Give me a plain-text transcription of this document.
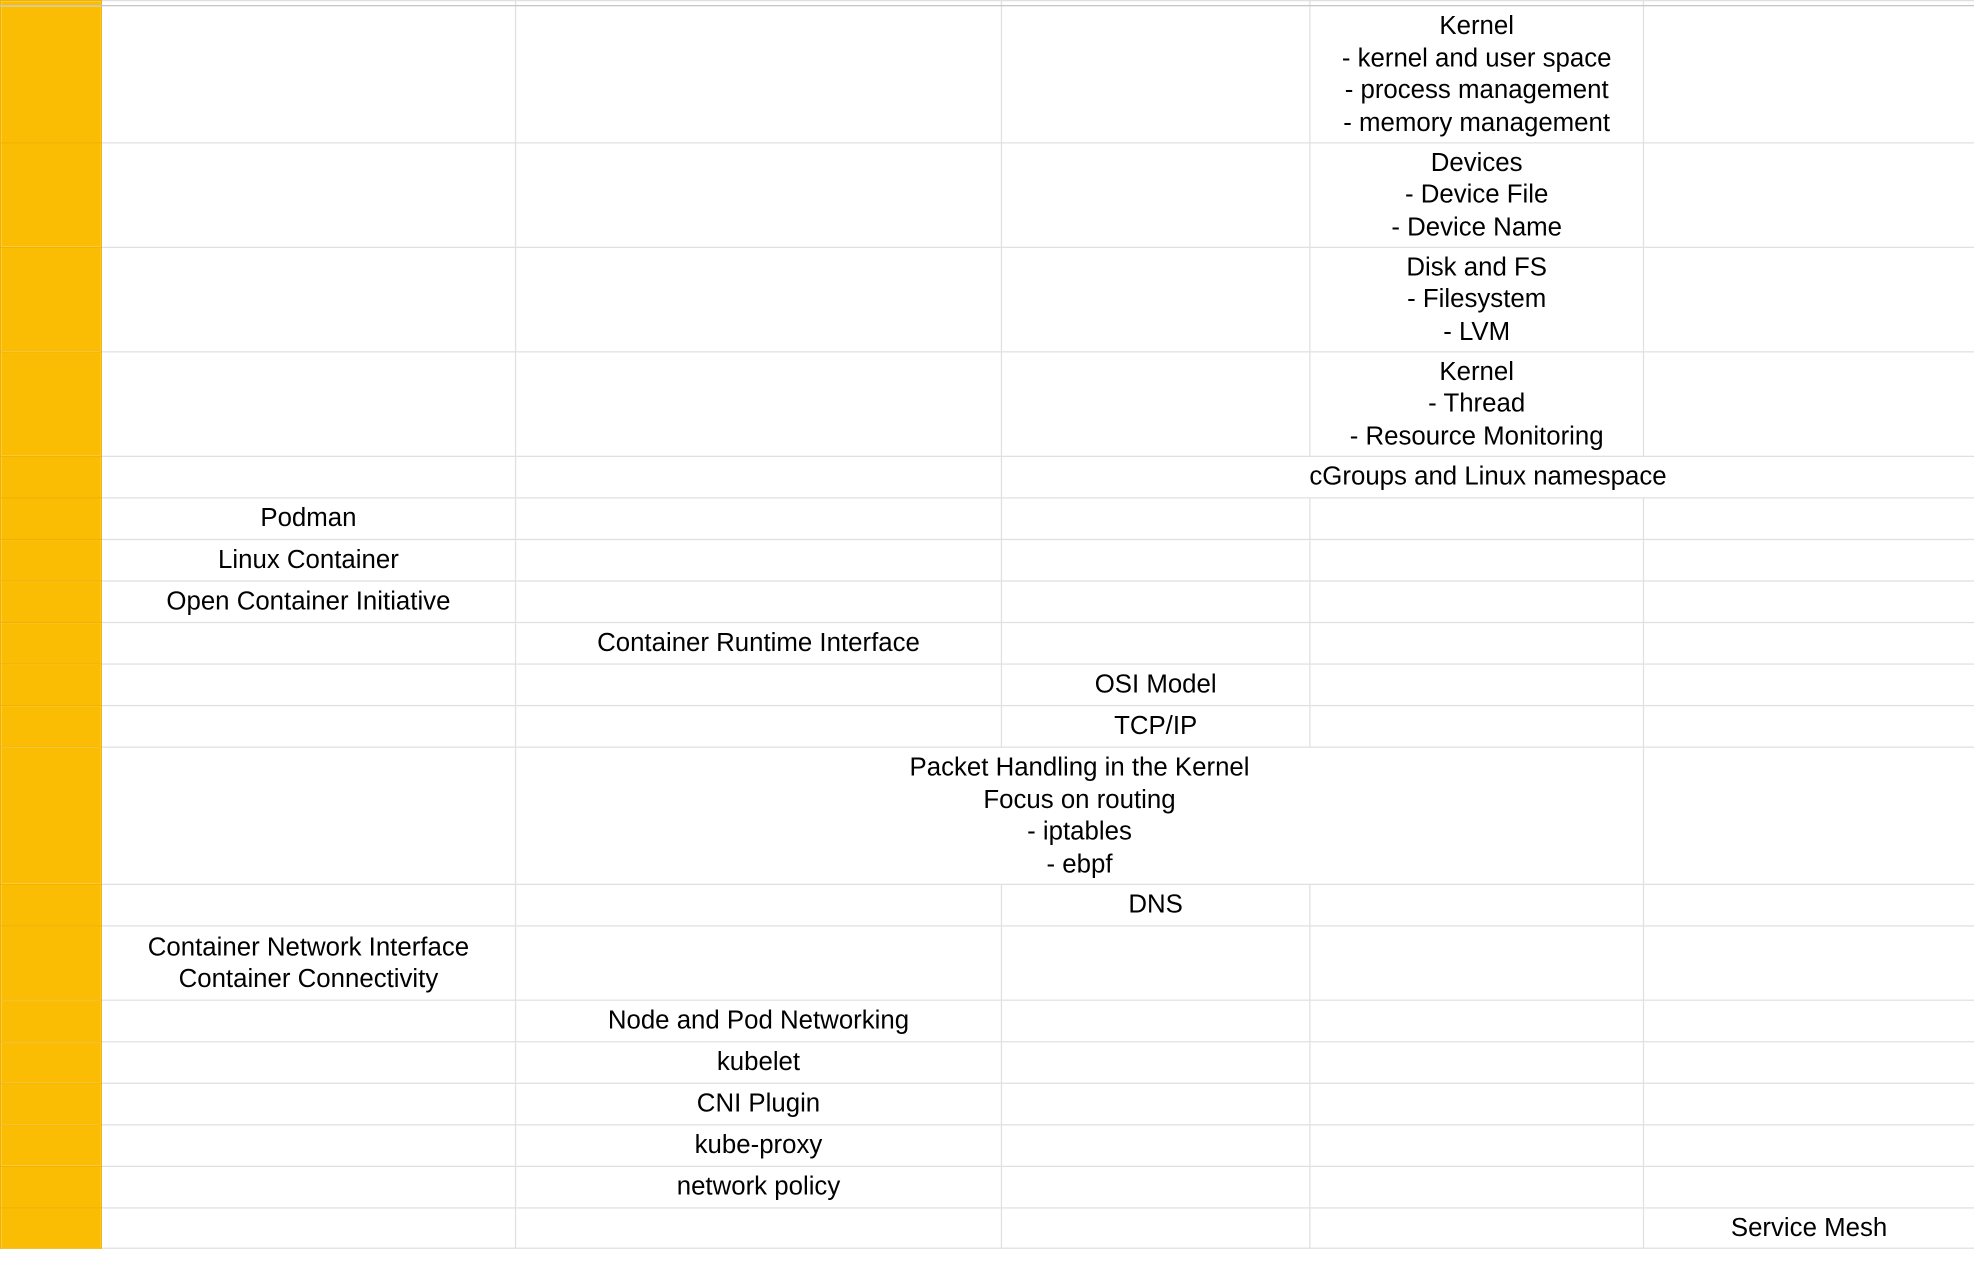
				Kernel
- kernel and user space
- process management
- memory management	
				Devices
- Device File
- Device Name	
				Disk and FS
- Filesystem
- LVM	
				Kernel
- Thread
- Resource Monitoring	
			cGroups and Linux namespace		
	Podman				
	Linux Container				
	Open Container Initiative				
		Container Runtime Interface			
			OSI Model		
			TCP/IP		
		Packet Handling in the Kernel
Focus on routing
- iptables
- ebpf			
			DNS		
	Container Network Interface
Container Connectivity				
		Node and Pod Networking			
		kubelet			
		CNI Plugin			
		kube-proxy			
		network policy			
					Service Mesh
